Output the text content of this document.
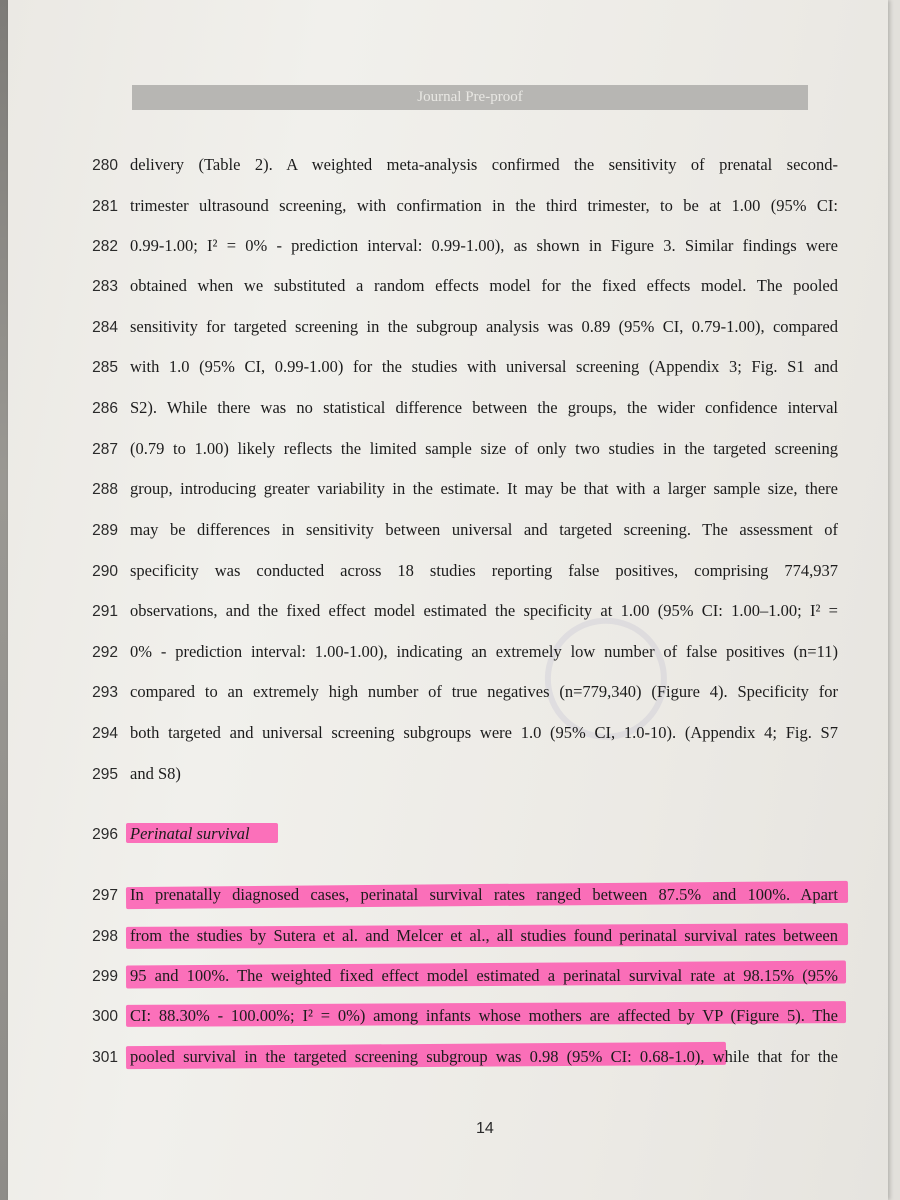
Journal Pre-proof
280 delivery (Table 2). A weighted meta-analysis confirmed the sensitivity of prenatal second-
281 trimester ultrasound screening, with confirmation in the third trimester, to be at 1.00 (95% CI:
282 0.99-1.00; I² = 0% - prediction interval: 0.99-1.00), as shown in Figure 3. Similar findings were
283 obtained when we substituted a random effects model for the fixed effects model. The pooled
284 sensitivity for targeted screening in the subgroup analysis was 0.89 (95% CI, 0.79-1.00), compared
285 with 1.0 (95% CI, 0.99-1.00) for the studies with universal screening (Appendix 3; Fig. S1 and
286 S2). While there was no statistical difference between the groups, the wider confidence interval
287 (0.79 to 1.00) likely reflects the limited sample size of only two studies in the targeted screening
288 group, introducing greater variability in the estimate. It may be that with a larger sample size, there
289 may be differences in sensitivity between universal and targeted screening. The assessment of
290 specificity was conducted across 18 studies reporting false positives, comprising 774,937
291 observations, and the fixed effect model estimated the specificity at 1.00 (95% CI: 1.00–1.00; I² =
292 0% - prediction interval: 1.00-1.00), indicating an extremely low number of false positives (n=11)
293 compared to an extremely high number of true negatives (n=779,340) (Figure 4). Specificity for
294 both targeted and universal screening subgroups were 1.0 (95% CI, 1.0-10). (Appendix 4; Fig. S7
295 and S8)
296 Perinatal survival
297 In prenatally diagnosed cases, perinatal survival rates ranged between 87.5% and 100%. Apart
298 from the studies by Sutera et al. and Melcer et al., all studies found perinatal survival rates between
299 95 and 100%. The weighted fixed effect model estimated a perinatal survival rate at 98.15% (95%
300 CI: 88.30% - 100.00%; I² = 0%) among infants whose mothers are affected by VP (Figure 5). The
301 pooled survival in the targeted screening subgroup was 0.98 (95% CI: 0.68-1.0), while that for the
14
